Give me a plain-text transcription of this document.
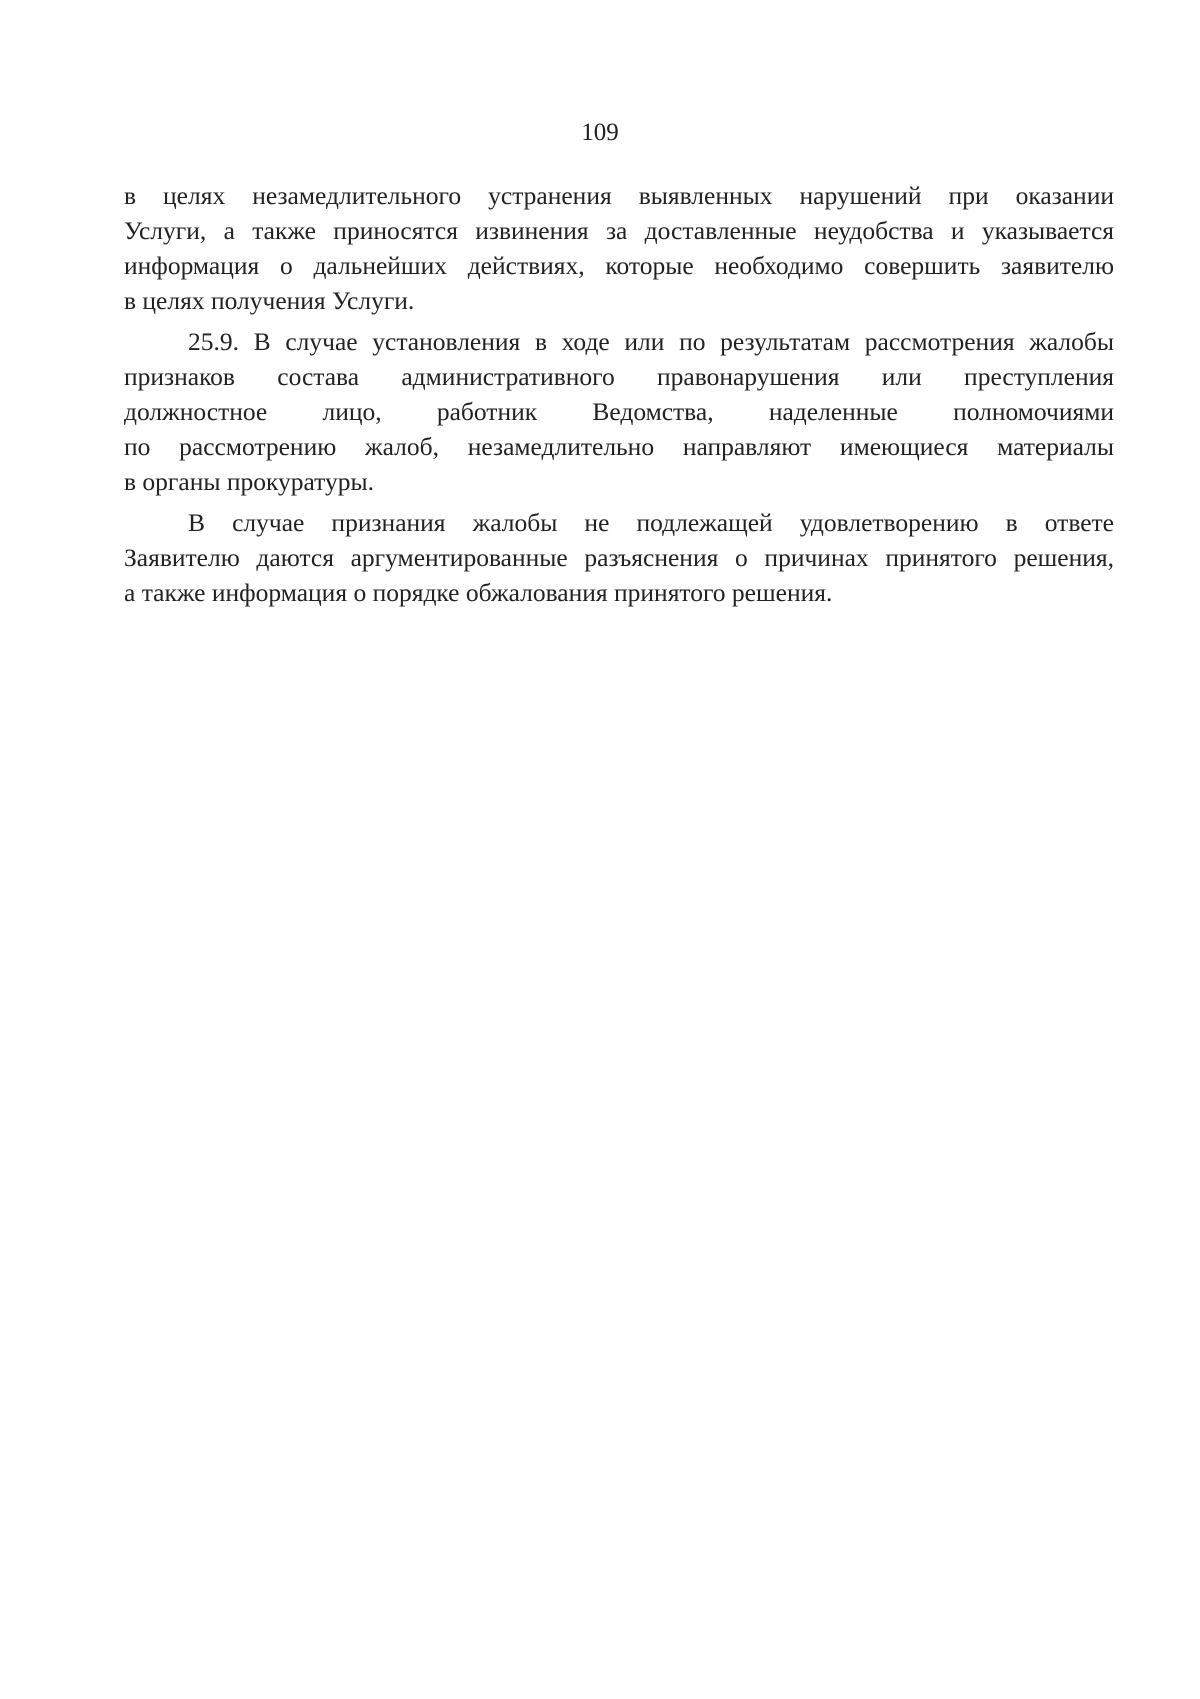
109

в целях незамедлительного устранения выявленных нарушений при оказании
Услуги, а также приносятся извинения за доставленные неудобства и указывается
информация о дальнейших действиях, которые необходимо совершить заявителю
в целях получения Услуги.

25.9. В случае установления в ходе или по результатам рассмотрения жалобы
признаков состава административного правонарушения или преступления
должностное лицо, работник Ведомства, наделенные полномочиями
по рассмотрению жалоб, незамедлительно направляют имеющиеся материалы
в органы прокуратуры.

В случае признания жалобы не подлежащей удовлетворению в ответе
Заявителю даются аргументированные разъяснения о причинах принятого решения,
а также информация о порядке обжалования принятого решения.
